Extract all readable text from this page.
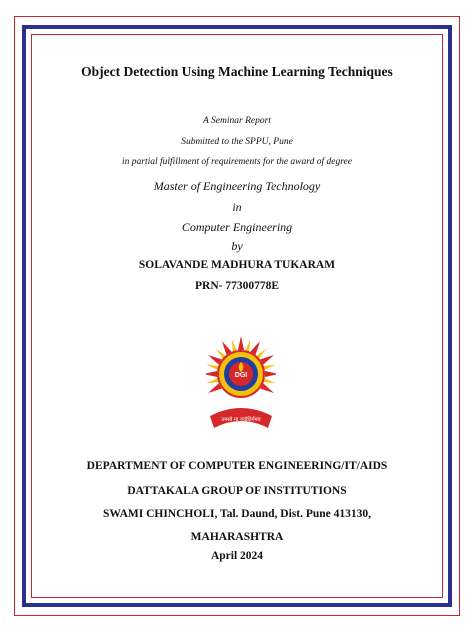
Object Detection Using Machine Learning Techniques
A Seminar Report
Submitted to the SPPU, Pune
in partial fulfillment of requirements for the award of degree
Master of Engineering Technology
in
Computer Engineering
by
SOLAVANDE MADHURA TUKARAM
PRN- 77300778E
DGI
तमसो मा ज्योतिर्गमय
DEPARTMENT OF COMPUTER ENGINEERING/IT/AIDS
DATTAKALA GROUP OF INSTITUTIONS
SWAMI CHINCHOLI, Tal. Daund, Dist. Pune 413130,
MAHARASHTRA
April 2024
